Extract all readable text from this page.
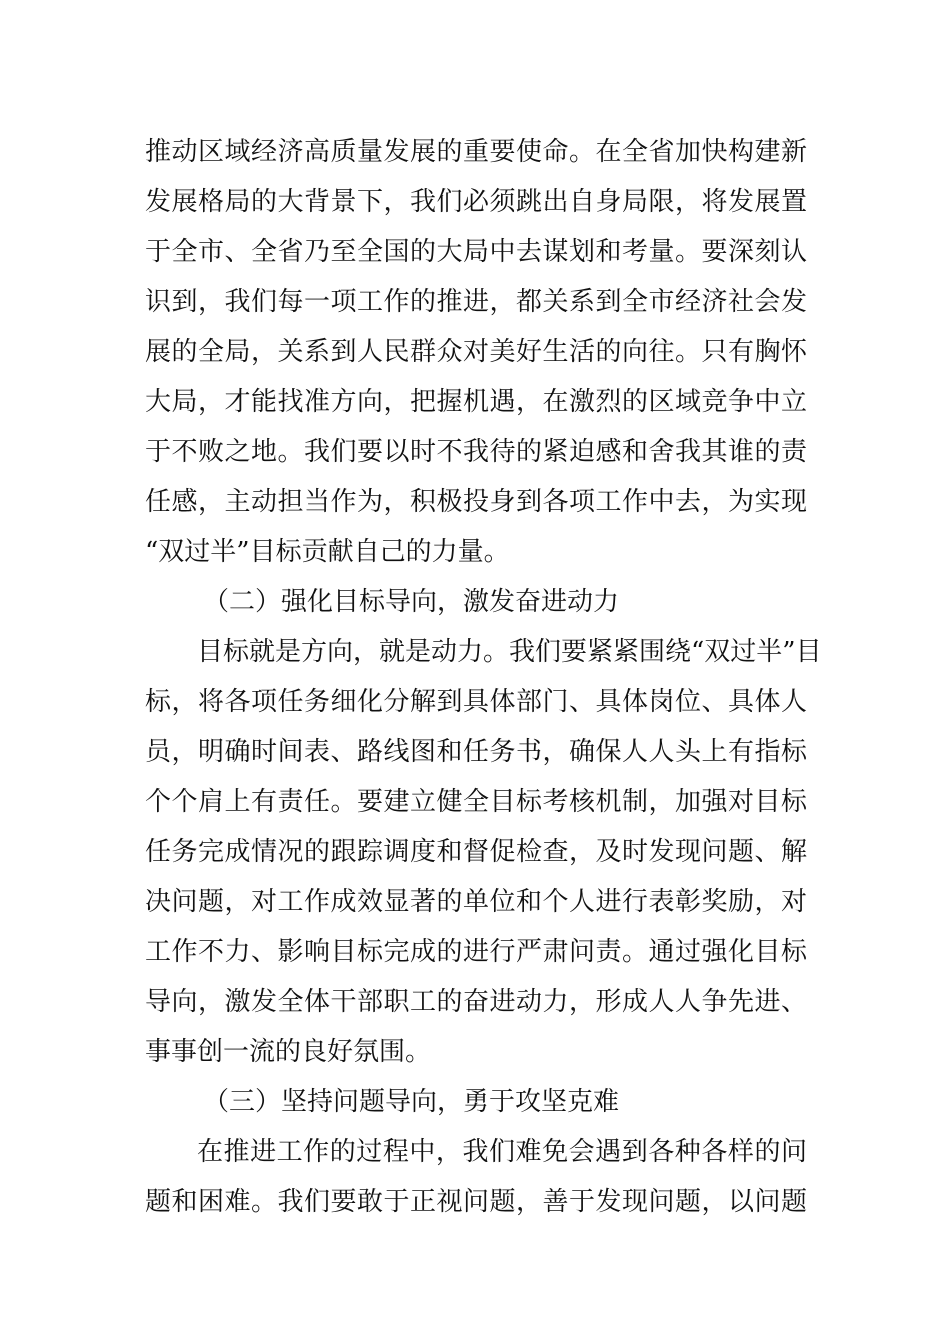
推动区域经济高质量发展的重要使命。在全省加快构建新
发展格局的大背景下，我们必须跳出自身局限，将发展置
于全市、全省乃至全国的大局中去谋划和考量。要深刻认
识到，我们每一项工作的推进，都关系到全市经济社会发
展的全局，关系到人民群众对美好生活的向往。只有胸怀
大局，才能找准方向，把握机遇，在激烈的区域竞争中立
于不败之地。我们要以时不我待的紧迫感和舍我其谁的责
任感，主动担当作为，积极投身到各项工作中去，为实现
“双过半”目标贡献自己的力量。
（二）强化目标导向，激发奋进动力
目标就是方向，就是动力。我们要紧紧围绕“双过半”目
标，将各项任务细化分解到具体部门、具体岗位、具体人
员，明确时间表、路线图和任务书，确保人人头上有指标
个个肩上有责任。要建立健全目标考核机制，加强对目标
任务完成情况的跟踪调度和督促检查，及时发现问题、解
决问题，对工作成效显著的单位和个人进行表彰奖励，对
工作不力、影响目标完成的进行严肃问责。通过强化目标
导向，激发全体干部职工的奋进动力，形成人人争先进、
事事创一流的良好氛围。
（三）坚持问题导向，勇于攻坚克难
在推进工作的过程中，我们难免会遇到各种各样的问
题和困难。我们要敢于正视问题，善于发现问题，以问题
